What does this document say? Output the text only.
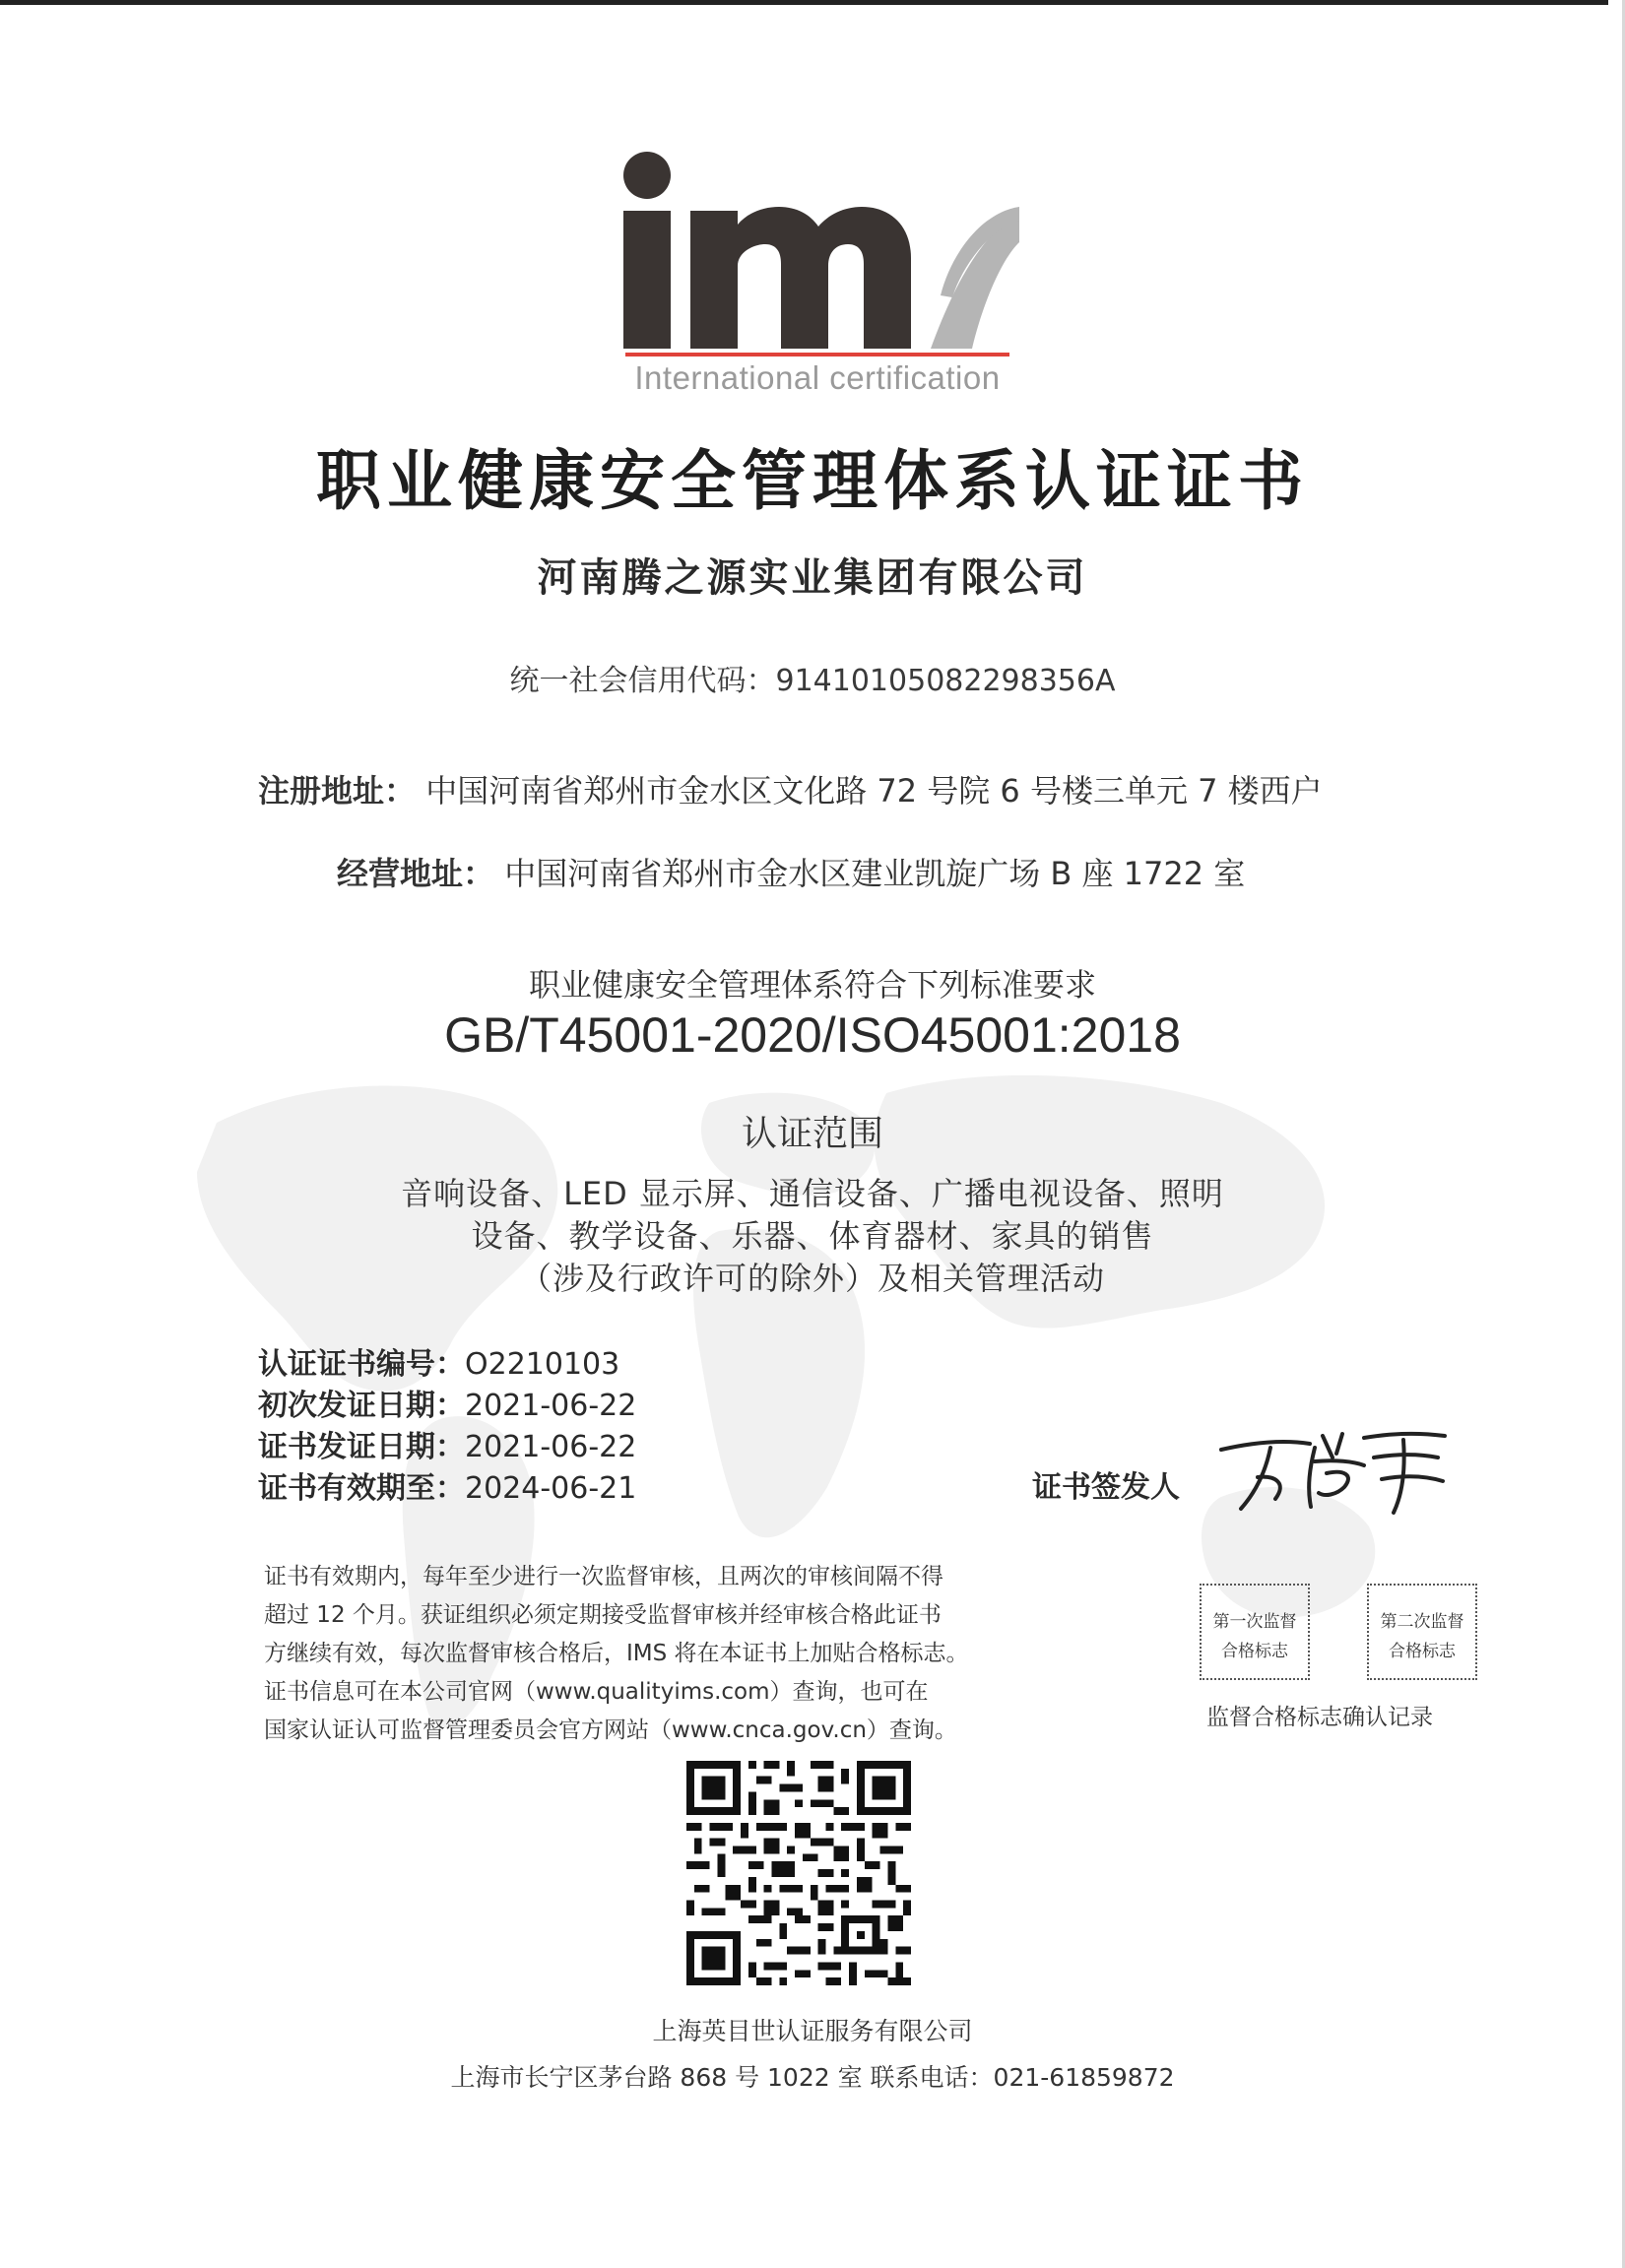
International certification
职业健康安全管理体系认证证书
河南腾之源实业集团有限公司
统一社会信用代码：91410105082298356A
注册地址： 中国河南省郑州市金水区文化路 72 号院 6 号楼三单元 7 楼西户
经营地址： 中国河南省郑州市金水区建业凯旋广场 B 座 1722 室
职业健康安全管理体系符合下列标准要求
GB/T45001-2020/ISO45001:2018
认证范围
音响设备、LED 显示屏、通信设备、广播电视设备、照明
设备、教学设备、乐器、体育器材、家具的销售
（涉及行政许可的除外）及相关管理活动
认证证书编号：O2210103
初次发证日期：2021-06-22
证书发证日期：2021-06-22
证书有效期至：2024-06-21	证书签发人

证书有效期内，每年至少进行一次监督审核，且两次的审核间隔不得

超过 12 个月。获证组织必须定期接受监督审核并经审核合格此证书

方继续有效，每次监督审核合格后，IMS 将在本证书上加贴合格标志。

证书信息可在本公司官网（www.qualityims.com）查询，也可在

国家认证认可监督管理委员会官方网站（www.cnca.gov.cn）查询。

第一次监督
合格标志
第二次监督
合格标志
监督合格标志确认记录
上海英目世认证服务有限公司
上海市长宁区茅台路 868 号 1022 室 联系电话：021-61859872
